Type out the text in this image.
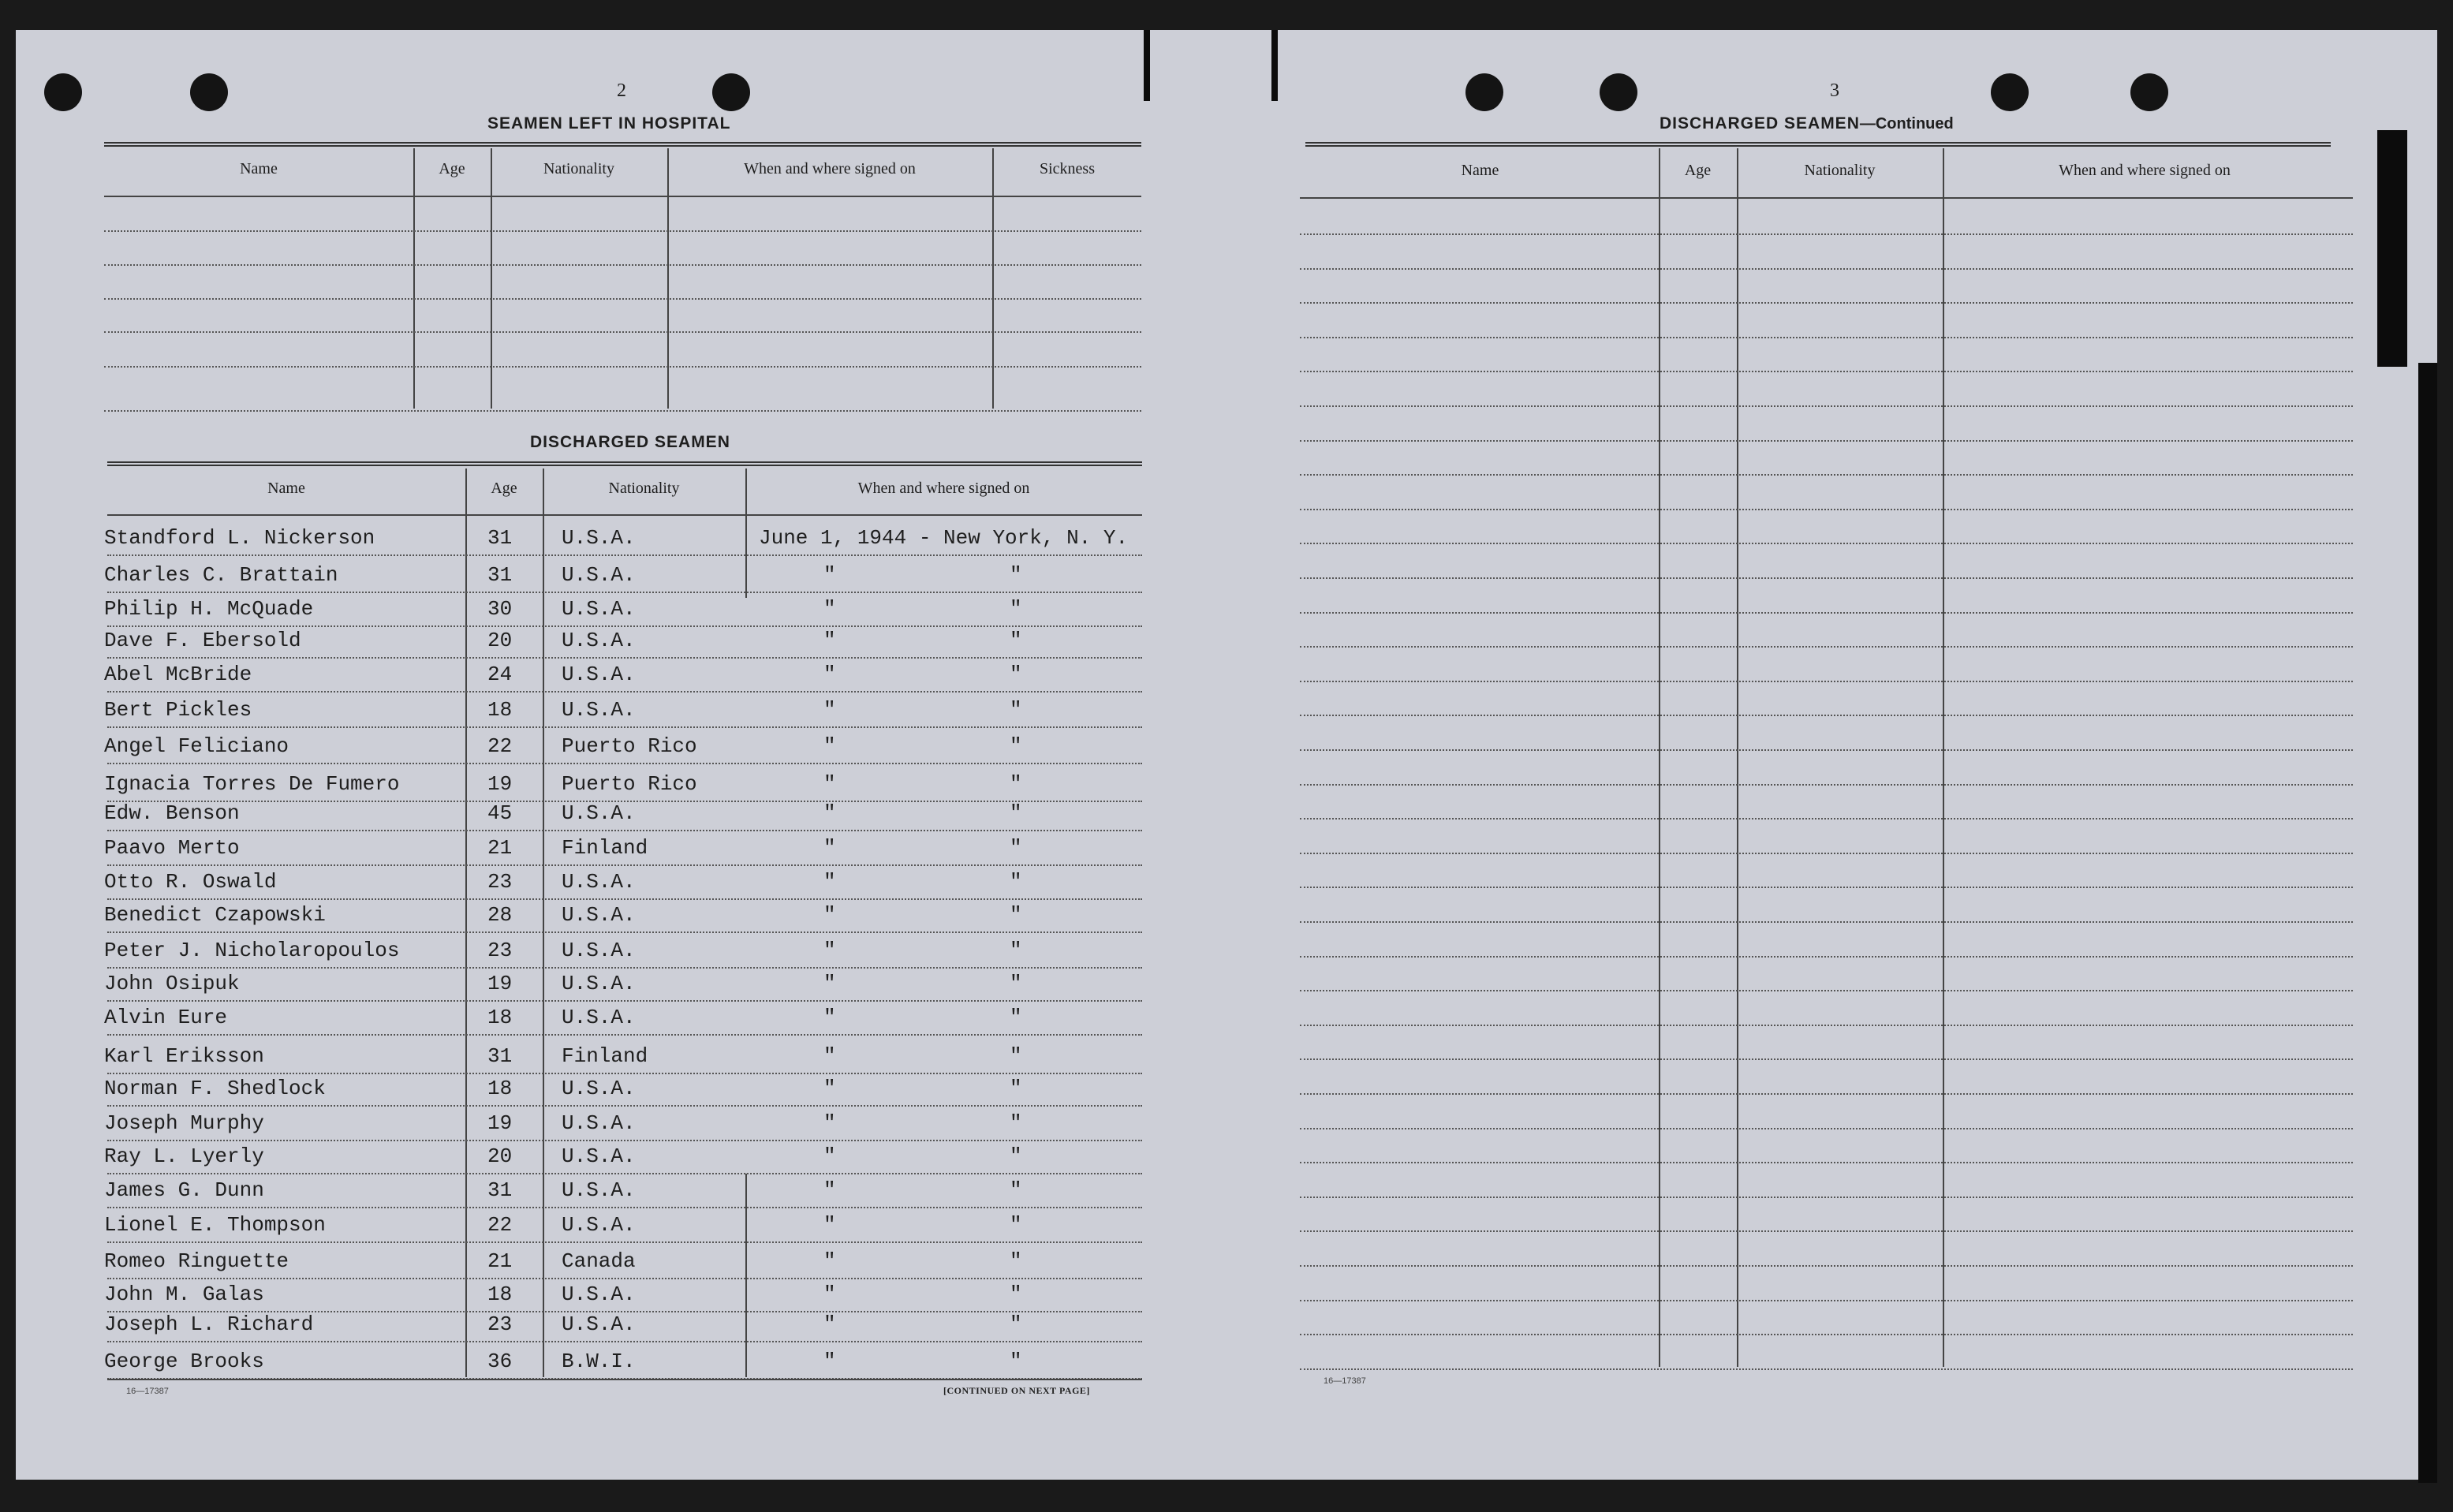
2
SEAMEN LEFT IN HOSPITAL
Name	Age	Nationality	When and where signed on	Sickness
DISCHARGED SEAMEN
Name	Age	Nationality	When and where signed on
Standford L. Nickerson	31 U.S.A.	June 1, 1944 - New York, N. Y.
Charles C. Brattain	31 U.S.A.	"	"
Philip H. McQuade	30 U.S.A.	"	"
Dave F. Ebersold	20 U.S.A.	"	"
Abel McBride	24 U.S.A.	"	"
Bert Pickles	18 U.S.A.	"	"
Angel Feliciano	22 Puerto Rico	"	"
Ignacia Torres De Fumero	19 Puerto Rico	"	"
Edw. Benson	45 U.S.A.	"	"
Paavo Merto	21 Finland	"	"
Otto R. Oswald	23 U.S.A.	"	"
Benedict Czapowski	28 U.S.A.	"	"
Peter J. Nicholaropoulos	23 U.S.A.	"	"
John Osipuk	19 U.S.A.	"	"
Alvin Eure	18 U.S.A.	"	"
Karl Eriksson	31 Finland	"	"
Norman F. Shedlock	18 U.S.A.	"	"
Joseph Murphy	19 U.S.A.	"	"
Ray L. Lyerly	20 U.S.A.	"	"
James G. Dunn	31 U.S.A.	"	"
Lionel E. Thompson	22 U.S.A.	"	"
Romeo Ringuette	21 Canada	"	"
John M. Galas	18 U.S.A.	"	"
Joseph L. Richard	23 U.S.A.	"	"
George Brooks	36 B.W.I.	"	"
16—17387	[CONTINUED ON NEXT PAGE]
3
DISCHARGED SEAMEN—Continued
Name	Age	Nationality	When and where signed on
16—17387
